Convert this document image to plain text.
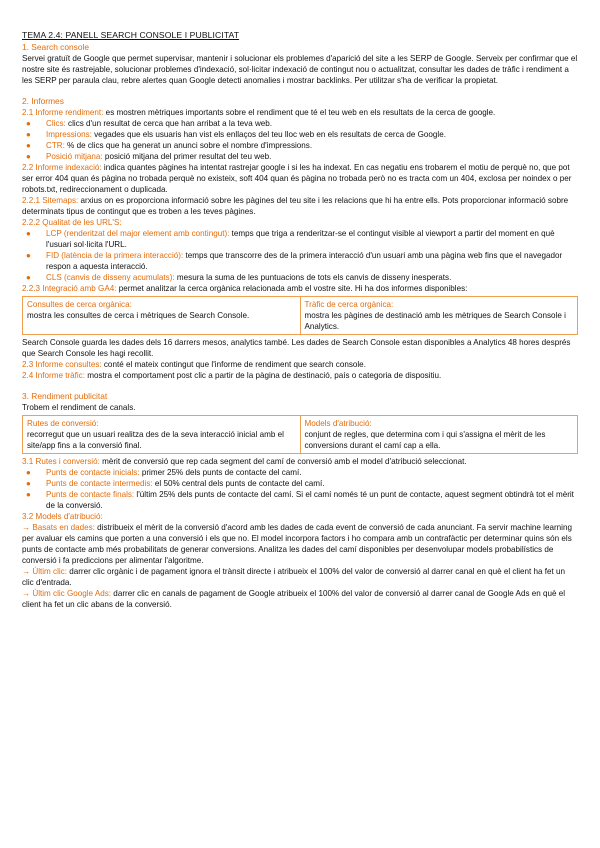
TEMA 2.4: PANELL SEARCH CONSOLE I PUBLICITAT
1. Search console
Servei gratuït de Google que permet supervisar, mantenir i solucionar els problemes d'aparició del site a les SERP de Google. Serveix per confirmar que el nostre site és rastrejable, solucionar problemes d'indexació, sol·licitar indexació de contingut nou o actualitzat, consultar les dades de tràfic i rendiment a les SERP per paraula clau, rebre alertes quan Google detecti anomalies i mostrar backlinks. Per utilitzar s'ha de verificar la propietat.
2. Informes
2.1 Informe rendiment: es mostren mètriques importants sobre el rendiment que té el teu web en els resultats de la cerca de google.
●	Clics: clics d'un resultat de cerca que han arribat a la teva web.
●	Impressions: vegades que els usuaris han vist els enllaços del teu lloc web en els resultats de cerca de Google.
●	CTR: % de clics que ha generat un anunci sobre el nombre d'impressions.
●	Posició mitjana: posició mitjana del primer resultat del teu web.
2.2 Informe indexació: indica quantes pàgines ha intentat rastrejar google i si les ha indexat. En cas negatiu ens trobarem el motiu de perquè no, que pot ser error 404 quan és pàgina no trobada perquè no existeix, soft 404 quan és pàgina no trobada però no es tracta com un 404, exclosa per noindex o per robots.txt, redireccionament o duplicada.
2.2.1 Sitemaps: arxius on es proporciona informació sobre les pàgines del teu site i les relacions que hi ha entre ells. Pots proporcionar informació sobre determinats tipus de contingut que es troben a les teves pàgines.
2.2.2 Qualitat de les URL'S:
●	LCP (renderitzat del major element amb contingut): temps que triga a renderitzar-se el contingut visible al viewport a partir del moment en què l'usuari sol·licita l'URL.
●	FID (latència de la primera interacció): temps que transcorre des de la primera interacció d'un usuari amb una pàgina web fins que el navegador respon a aquesta interacció.
●	CLS (canvis de disseny acumulats): mesura la suma de les puntuacions de tots els canvis de disseny inesperats.
2.2.3 Integració amb GA4: permet analitzar la cerca orgànica relacionada amb el vostre site. Hi ha dos informes disponibles:
Consultes de cerca orgànica:
mostra les consultes de cerca i mètriques de Search Console.
Tràfic de cerca orgànica:
mostra les pàgines de destinació amb les mètriques de Search Console i Analytics.
Search Console guarda les dades dels 16 darrers mesos, analytics també. Les dades de Search Console estan disponibles a Analytics 48 hores després que Search Console les hagi recollit.
2.3 Informe consultes: conté el mateix contingut que l'informe de rendiment que search console.
2.4 Informe tràfic: mostra el comportament post clic a partir de la pàgina de destinació, país o categoria de dispositiu.
3. Rendiment publicitat
Trobem el rendiment de canals.
Rutes de conversió:
recorregut que un usuari realitza des de la seva interacció inicial amb el site/app fins a la conversió final.
Models d'atribució:
conjunt de regles, que determina com i qui s'assigna el mèrit de les conversions durant el camí cap a ella.
3.1 Rutes i conversió: mèrit de conversió que rep cada segment del camí de conversió amb el model d'atribució seleccionat.
●	Punts de contacte inicials: primer 25% dels punts de contacte del camí.
●	Punts de contacte intermedis: el 50% central dels punts de contacte del camí.
●	Punts de contacte finals: l'últim 25% dels punts de contacte del camí. Si el camí només té un punt de contacte, aquest segment obtindrà tot el mèrit de la conversió.
3.2 Models d'atribució:
→ Basats en dades: distribueix el mèrit de la conversió d'acord amb les dades de cada event de conversió de cada anunciant. Fa servir machine learning per avaluar els camins que porten a una conversió i els que no. El model incorpora factors i ho compara amb un contrafàctic per determinar quins són els punts de contacte amb més probabilitats de generar conversions. Analitza les dades del camí disponibles per desenvolupar models probabilístics de conversió i fa prediccions per alimentar l'algoritme.
→ Últim clic: darrer clic orgànic i de pagament ignora el trànsit directe i atribueix el 100% del valor de conversió al darrer canal en què el client ha fet un clic d'entrada.
→ Últim clic Google Ads: darrer clic en canals de pagament de Google atribueix el 100% del valor de conversió al darrer canal de Google Ads en què el client ha fet un clic abans de la conversió.
